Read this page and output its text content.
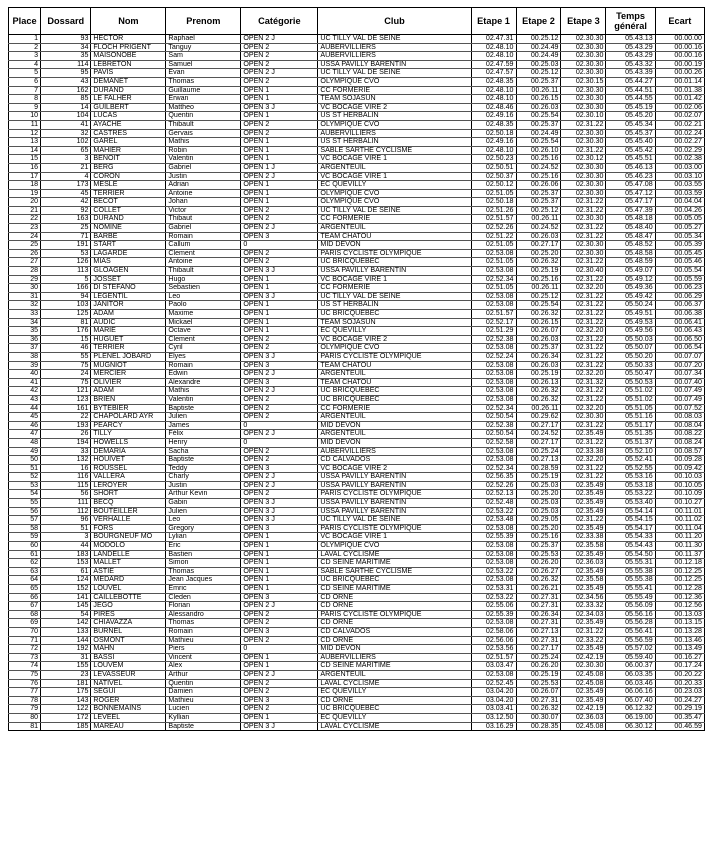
Place	Dossard	Nom	Prenom	Catégorie	Club	Etape 1	Etape 2	Etape 3	Temps général	Ecart
1	93	HECTOR	Raphael	OPEN 2 J	UC TILLY VAL DE SEINE	02.47.31	00.25.12	02.30.30	05.43.13	00.00.00
2	34	FLOCH PRIGENT	Tanguy	OPEN 2	AUBERVILLIERS	02.48.10	00.24.49	02.30.30	05.43.29	00.00.16
3	35	MAISONOBE	Sam	OPEN 2	AUBERVILLIERS	02.48.10	00.24.49	02.30.30	05.43.29	00.00.16
4	114	LEBRETON	Samuel	OPEN 2	USSA PAVILLY BARENTIN	02.47.59	00.25.03	02.30.30	05.43.32	00.00.19
5	95	PAVIS	Evan	OPEN 2 J	UC TILLY VAL DE SEINE	02.47.57	00.25.12	02.30.30	05.43.39	00.00.26
6	43	DEMANET	Thomas	OPEN 2	OLYMPIQUE CVO	02.48.35	00.25.37	02.30.15	05.44.27	00.01.14
7	162	DURAND	Guillaume	OPEN 1	CC FORMERIE	02.48.10	00.26.11	02.30.30	05.44.51	00.01.38
8	85	LE FALHER	Erwan	OPEN 1	TEAM SOJASUN	02.48.10	00.26.15	02.30.30	05.44.55	00.01.42
9	14	GUILBERT	Mattheo	OPEN 3 J	VC BOCAGE VIRE 2	02.48.46	00.26.03	02.30.30	05.45.19	00.02.06
10	104	LUCAS	Quentin	OPEN 1	US ST HERBALIN	02.49.16	00.25.54	02.30.10	05.45.20	00.02.07
11	41	AYACHE	Thibault	OPEN 2	OLYMPIQUE CVO	02.48.35	00.25.37	02.31.22	05.45.34	00.02.21
12	32	CASTRES	Gervais	OPEN 2	AUBERVILLIERS	02.50.18	00.24.49	02.30.30	05.45.37	00.02.24
13	102	GAREL	Mathis	OPEN 1	US ST HERBALIN	02.49.16	00.25.54	02.30.30	05.45.40	00.02.27
14	65	MAHIER	Robin	OPEN 1	SABLE SARTHE CYCLISME	02.48.10	00.26.10	02.31.22	05.45.42	00.02.29
15	3	BENOIT	Valentin	OPEN 1	VC BOCAGE VIRE 1	02.50.23	00.25.16	02.30.12	05.45.51	00.02.38
16	21	BERG	Gabriel	OPEN 1 J	ARGENTEUIL	02.50.51	00.24.52	02.30.30	05.46.13	00.03.00
17	4	CORON	Justin	OPEN 2 J	VC BOCAGE VIRE 1	02.50.37	00.25.16	02.30.30	05.46.23	00.03.10
18	173	MESLE	Adrian	OPEN 1	EC QUEVILLY	02.50.12	00.26.06	02.30.30	05.47.08	00.03.55
19	45	TERRIER	Antoine	OPEN 1	OLYMPIQUE CVO	02.51.05	00.25.37	02.30.30	05.47.12	00.03.59
20	42	BECOT	Johan	OPEN 1	OLYMPIQUE CVO	02.50.18	00.25.37	02.31.22	05.47.17	00.04.04
21	92	COLLET	Victor	OPEN 2	UC TILLY VAL DE SEINE	02.51.26	00.25.12	02.31.22	05.47.39	00.04.26
22	163	DURAND	Thibaut	OPEN 2	CC FORMERIE	02.51.57	00.26.11	02.30.30	05.48.18	00.05.05
23	25	NOMINE	Gabriel	OPEN 2 J	ARGENTEUIL	02.52.26	00.24.52	02.31.22	05.48.40	00.05.27
24	71	BARBE	Romain	OPEN 3	TEAM CHATOU	02.51.22	00.26.03	02.31.22	05.48.47	00.05.34
25	191	START	Callum	0	MID DEVON	02.51.05	00.27.17	02.30.30	05.48.52	00.05.39
26	53	LAGARDE	Clement	OPEN 2	PARIS CYCLISTE OLYMPIQUE	02.53.08	00.25.20	02.30.30	05.48.58	00.05.45
27	126	MIAS	Antoine	OPEN 2	UC BRICQUEBEC	02.51.05	00.26.32	02.31.22	05.48.59	00.05.46
28	113	GLOAGEN	Thibault	OPEN 3 J	USSA PAVILLY BARENTIN	02.53.08	00.25.19	02.30.40	05.49.07	00.05.54
29	5	JOSSET	Hugo	OPEN 1	VC BOCAGE VIRE 1	02.52.34	00.25.16	02.31.22	05.49.12	00.05.59
30	166	DI STEFANO	Sebastien	OPEN 1	CC FORMERIE	02.51.05	00.26.11	02.32.20	05.49.36	00.06.23
31	94	LEGENTIL	Leo	OPEN 3 J	UC TILLY VAL DE SEINE	02.53.08	00.25.12	02.31.22	05.49.42	00.06.29
32	103	JANITOR	Paolo	OPEN 1	US ST HERBALIN	02.53.08	00.25.54	02.31.22	05.50.24	00.06.37
33	125	ADAM	Maxime	OPEN 1	UC BRICQUEBEC	02.51.57	00.26.32	02.31.22	05.49.51	00.06.38
34	81	AUDIC	Mickael	OPEN 1	TEAM SOJASUN	02.52.17	00.26.15	02.31.22	05.49.53	00.06.41
35	176	MARIE	Octave	OPEN 1	EC QUEVILLY	02.51.29	00.26.07	02.32.20	05.49.56	00.06.43
36	15	HUGUET	Clement	OPEN 2	VC BOCAGE VIRE 2	02.52.38	00.26.03	02.31.22	05.50.03	00.06.50
37	46	TERRIER	Cyril	OPEN 2	OLYMPIQUE CVO	02.53.08	00.25.37	02.31.22	05.50.07	00.06.54
38	55	PLENEL JOBARD	Elyes	OPEN 3 J	PARIS CYCLISTE OLYMPIQUE	02.52.24	00.26.34	02.31.22	05.50.20	00.07.07
39	75	MUGNIOT	Romain	OPEN 3	TEAM CHATOU	02.53.08	00.26.03	02.31.22	05.50.33	00.07.20
40	24	MERCIER	Edwin	OPEN 2 J	ARGENTEUIL	02.53.08	00.25.19	02.32.20	05.50.47	00.07.34
41	75	OLIVIER	Alexandre	OPEN 3	TEAM CHATOU	02.53.08	00.26.13	02.31.32	05.50.53	00.07.40
42	121	ADAM	Mathis	OPEN 2 J	UC BRICQUEBEC	02.53.08	00.26.32	02.31.22	05.51.02	00.07.49
43	123	BRIEN	Valentin	OPEN 2	UC BRICQUEBEC	02.53.08	00.26.32	02.31.22	05.51.02	00.07.49
44	161	BYTEBIER	Baptiste	OPEN 2	CC FORMERIE	02.52.34	00.26.11	02.32.20	05.51.05	00.07.52
45	22	CHAPOLARD AYR	Julien	OPEN 2	ARGENTEUIL	02.50.54	00.29.62	02.30.30	05.51.16	00.08.03
46	193	PEARCY	James	0	MID DEVON	02.52.38	00.27.17	02.31.22	05.51.17	00.08.04
47	26	TILLY	Félix	OPEN 2 J	ARGENTEUIL	02.50.54	00.24.52	02.35.49	05.51.35	00.08.22
48	194	HOWELLS	Henry	0	MID DEVON	02.52.58	00.27.17	02.31.22	05.51.37	00.08.24
49	33	DEMARIA	Sacha	OPEN 2	AUBERVILLIERS	02.53.08	00.25.24	02.33.38	05.52.10	00.08.57
50	132	HOUIVET	Baptiste	OPEN 2	CD CALVADOS	02.53.08	00.27.13	02.32.20	05.52.41	00.09.28
51	16	ROUSSEL	Teddy	OPEN 3	VC BOCAGE VIRE 2	02.52.34	00.28.59	02.31.22	05.52.55	00.09.42
52	116	VALLERA	Charly	OPEN 2 J	USSA PAVILLY BARENTIN	02.56.35	00.25.19	02.31.22	05.53.16	00.10.03
53	115	LEROYER	Justin	OPEN 2 J	USSA PAVILLY BARENTIN	02.52.26	00.25.03	02.35.49	05.53.18	00.10.05
54	56	SHORT	Arthur Kevin	OPEN 2	PARIS CYCLISTE OLYMPIQUE	02.52.13	00.25.20	02.35.49	05.53.22	00.10.09
55	111	BECQ	Gabin	OPEN 3 J	USSA PAVILLY BARENTIN	02.52.48	00.25.03	02.35.49	05.53.40	00.10.27
56	112	BOUTEILLER	Julien	OPEN 3 J	USSA PAVILLY BARENTIN	02.53.22	00.25.03	02.35.49	05.54.14	00.11.01
57	96	VERHALLE	Leo	OPEN 3 J	UC TILLY VAL DE SEINE	02.53.48	00.29.05	02.31.22	05.54.15	00.11.02
58	51	FORS	Gregory	OPEN 3	PARIS CYCLISTE OLYMPIQUE	02.53.08	00.25.20	02.35.49	05.54.17	00.11.04
59	3	BOURGNEUF MO	Lylian	OPEN 1	VC BOCAGE VIRE 1	02.55.39	00.25.16	02.33.38	05.54.33	00.11.20
60	44	MODOLO	Eric	OPEN 1	OLYMPIQUE CVO	02.53.08	00.25.37	02.35.58	05.54.43	00.11.30
61	183	LANDELLE	Bastien	OPEN 1	LAVAL CYCLISME	02.53.08	00.25.53	02.35.49	05.54.50	00.11.37
62	153	MALLET	Simon	OPEN 1	CD SEINE MARITIME	02.53.08	00.26.20	02.36.03	05.55.31	00.12.18
63	61	ASTIE	Thomas	OPEN 1	SABLE SARTHE CYCLISME	02.53.22	00.26.27	02.35.49	05.55.38	00.12.25
64	124	MEDARD	Jean Jacques	OPEN 1	UC BRICQUEBEC	02.53.08	00.26.32	02.35.58	05.55.38	00.12.25
65	152	LOUVEL	Emric	OPEN 1	CD SEINE MARITIME	02.53.31	00.26.21	02.35.49	05.55.41	00.12.28
66	141	CAILLEBOTTE	Cleden	OPEN 3	CD ORNE	02.53.22	00.27.31	02.34.56	05.55.49	00.12.36
67	145	JEGO	Florian	OPEN 2 J	CD ORNE	02.55.06	00.27.31	02.33.32	05.56.09	00.12.56
68	54	PIRES	Alessandro	OPEN 2	PARIS CYCLISTE OLYMPIQUE	02.55.39	00.26.34	02.34.03	05.56.16	00.13.03
69	142	CHIAVAZZA	Thomas	OPEN 2	CD ORNE	02.53.08	00.27.31	02.35.49	05.56.28	00.13.15
70	133	BURNEL	Romain	OPEN 3	CD CALVADOS	02.58.06	00.27.13	02.31.22	05.56.41	00.13.28
71	144	OSMONT	Mathieu	OPEN 2	CD ORNE	02.56.06	00.27.31	02.33.22	05.56.59	00.13.46
72	192	MAHN	Piers	0	MID DEVON	02.53.56	00.27.17	02.35.49	05.57.02	00.13.49
73	31	BASSI	Vincent	OPEN 1	AUBERVILLIERS	02.51.57	00.25.24	02.42.19	05.59.40	00.16.27
74	155	LOUVEM	Alex	OPEN 1	CD SEINE MARITIME	03.03.47	00.26.20	02.30.30	06.00.37	00.17.24
75	23	LEVASSEUR	Arthur	OPEN 2 J	ARGENTEUIL	02.53.08	00.25.19	02.45.08	06.03.35	00.20.22
76	181	NATIVEL	Quentin	OPEN 2	LAVAL CYCLISME	02.52.45	00.25.53	02.45.08	06.03.46	00.20.33
77	175	SEGUI	Damien	OPEN 2	EC QUEVILLY	03.04.20	00.26.07	02.35.49	06.06.16	00.23.03
78	143	ROGER	Mathieu	OPEN 3	CD ORNE	03.04.20	00.27.31	02.35.49	06.07.40	00.24.27
79	122	BONNEMAINS	Lucien	OPEN 2	UC BRICQUEBEC	03.03.41	00.26.32	02.42.19	06.12.32	00.29.19
80	172	LEVEEL	Kyllian	OPEN 1	EC QUEVILLY	03.12.50	00.30.07	02.36.03	06.19.00	00.35.47
81	185	MAREAU	Baptiste	OPEN 3 J	LAVAL CYCLISME	03.16.29	00.28.35	02.45.08	06.30.12	00.46.59
